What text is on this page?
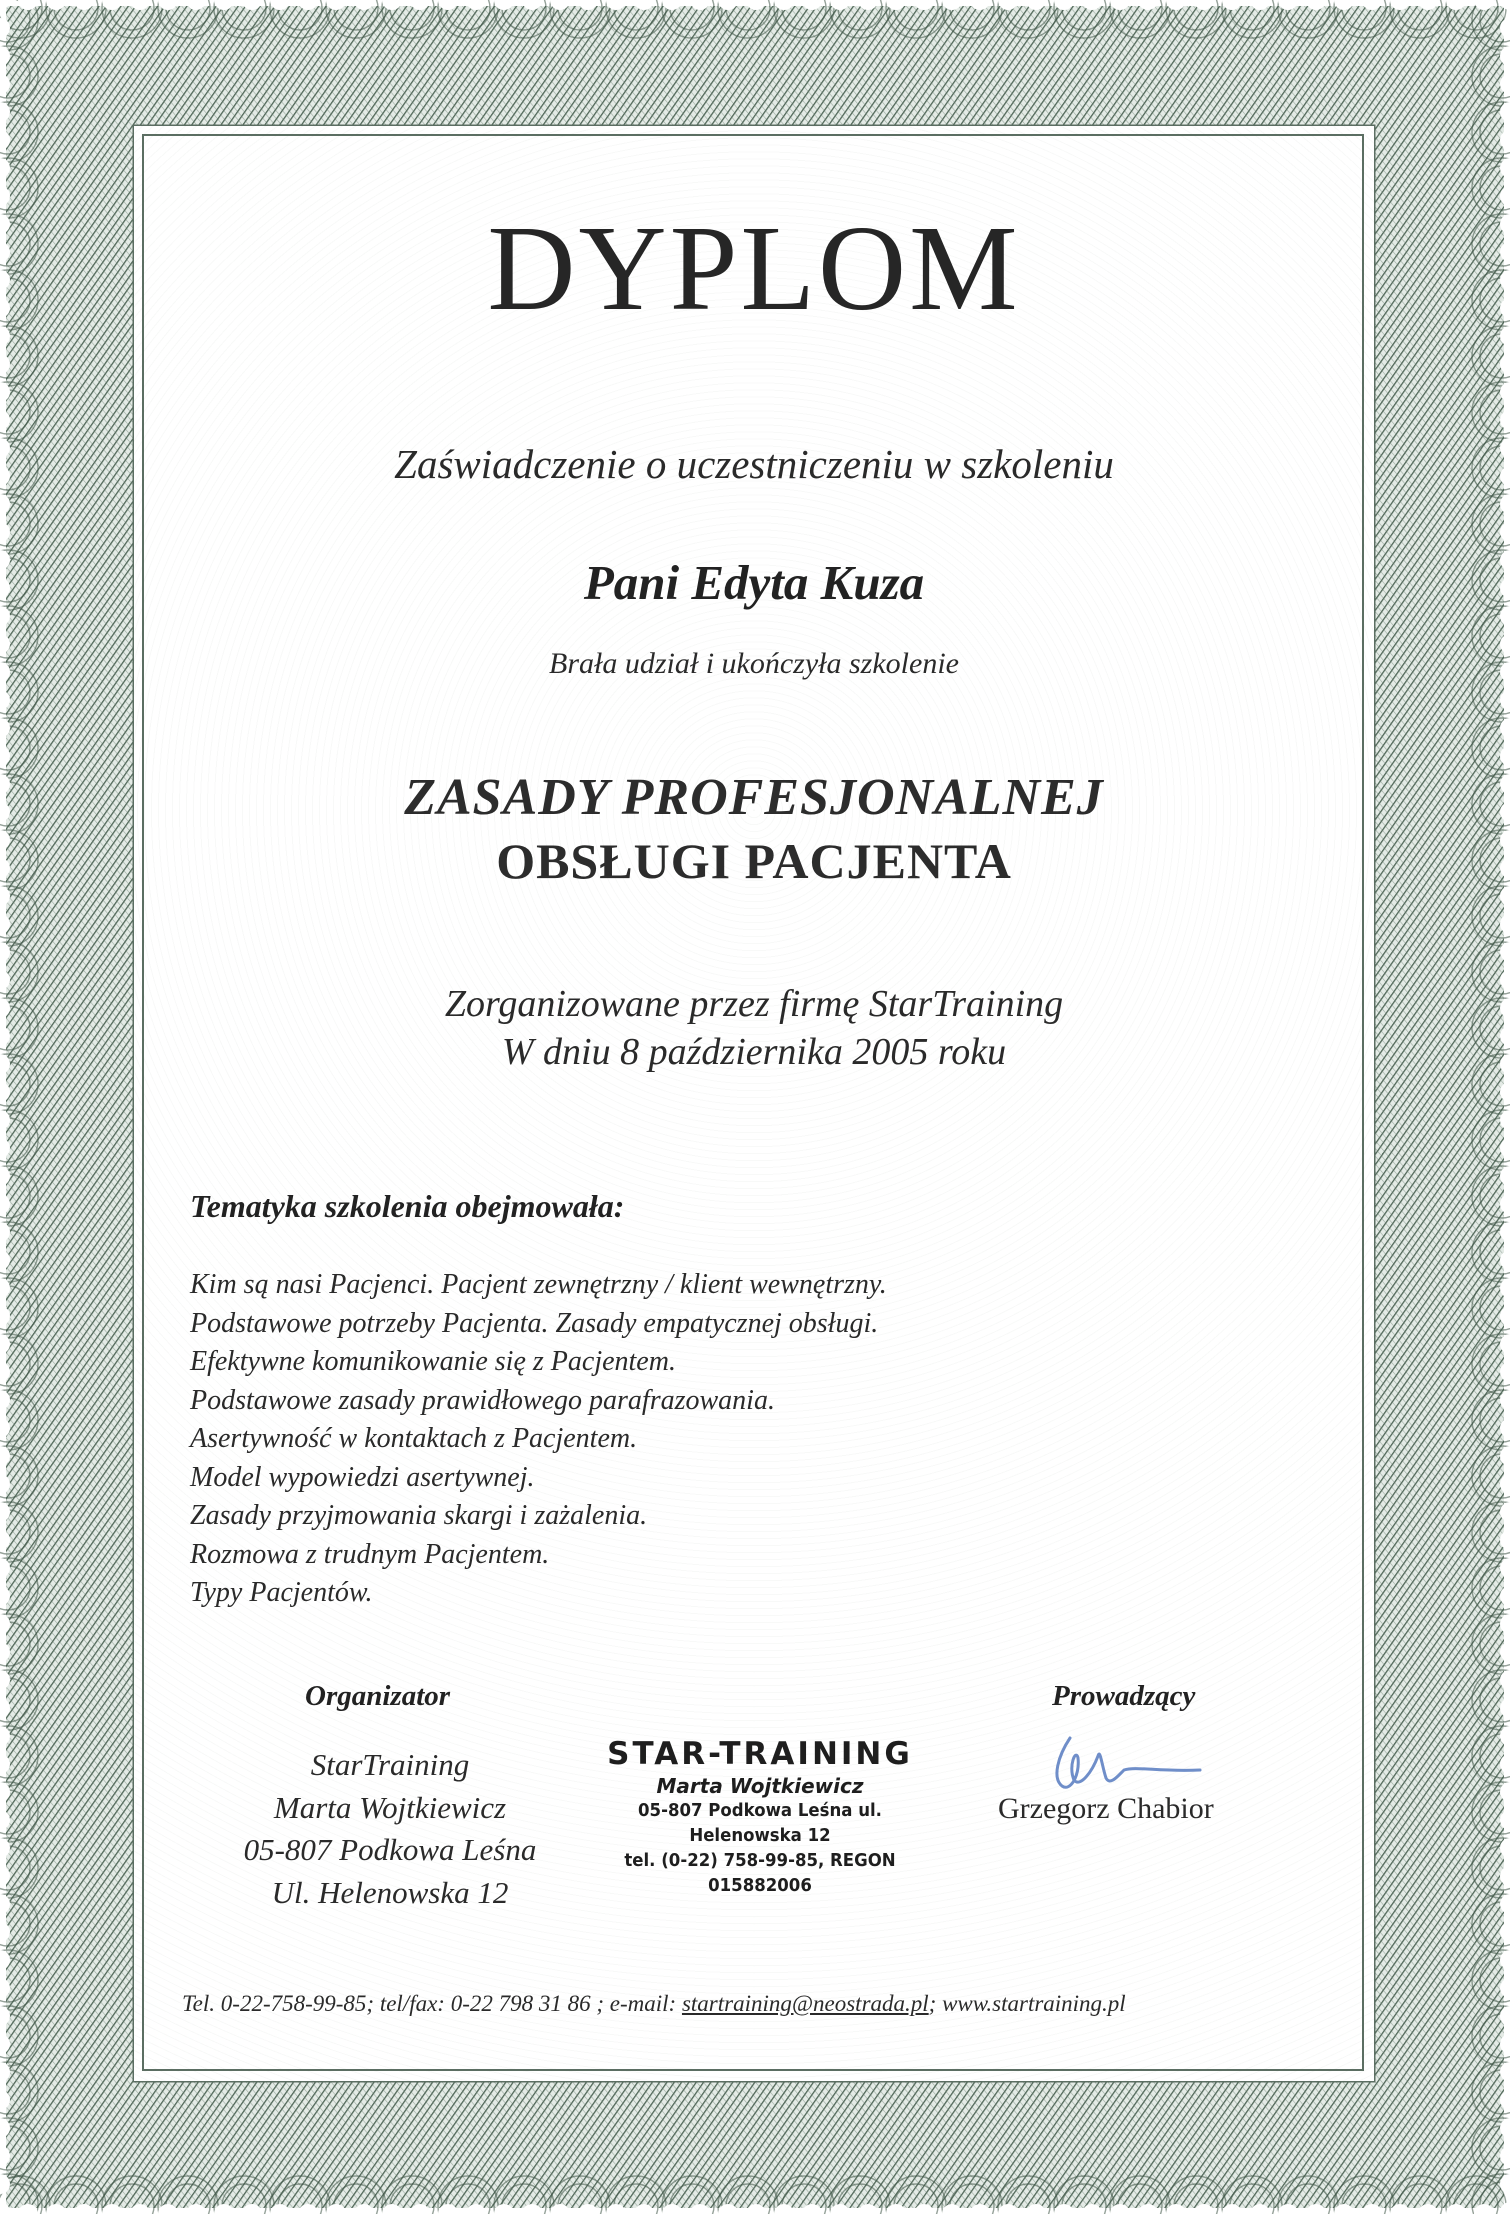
DYPLOM
Zaświadczenie o uczestniczeniu w szkoleniu
Pani Edyta Kuza
Brała udział i ukończyła szkolenie
ZASADY PROFESJONALNEJ
OBSŁUGI PACJENTA
Zorganizowane przez firmę StarTraining
W dniu 8 października 2005 roku
Tematyka szkolenia obejmowała:
Kim są nasi Pacjenci. Pacjent zewnętrzny / klient wewnętrzny.
Podstawowe potrzeby Pacjenta. Zasady empatycznej obsługi.
Efektywne komunikowanie się z Pacjentem.
Podstawowe zasady prawidłowego parafrazowania.
Asertywność w kontaktach z Pacjentem.
Model wypowiedzi asertywnej.
Zasady przyjmowania skargi i zażalenia.
Rozmowa z trudnym Pacjentem.
Typy Pacjentów.
Organizator
StarTraining
Marta Wojtkiewicz
05-807 Podkowa Leśna
Ul. Helenowska 12
STAR-TRAINING
Marta Wojtkiewicz
05-807 Podkowa Leśna ul. Helenowska 12
tel. (0-22) 758-99-85, REGON 015882006
Prowadzący
Grzegorz Chabior
Tel. 0-22-758-99-85; tel/fax: 0-22 798 31 86 ; e-mail: startraining@neostrada.pl; www.startraining.pl
